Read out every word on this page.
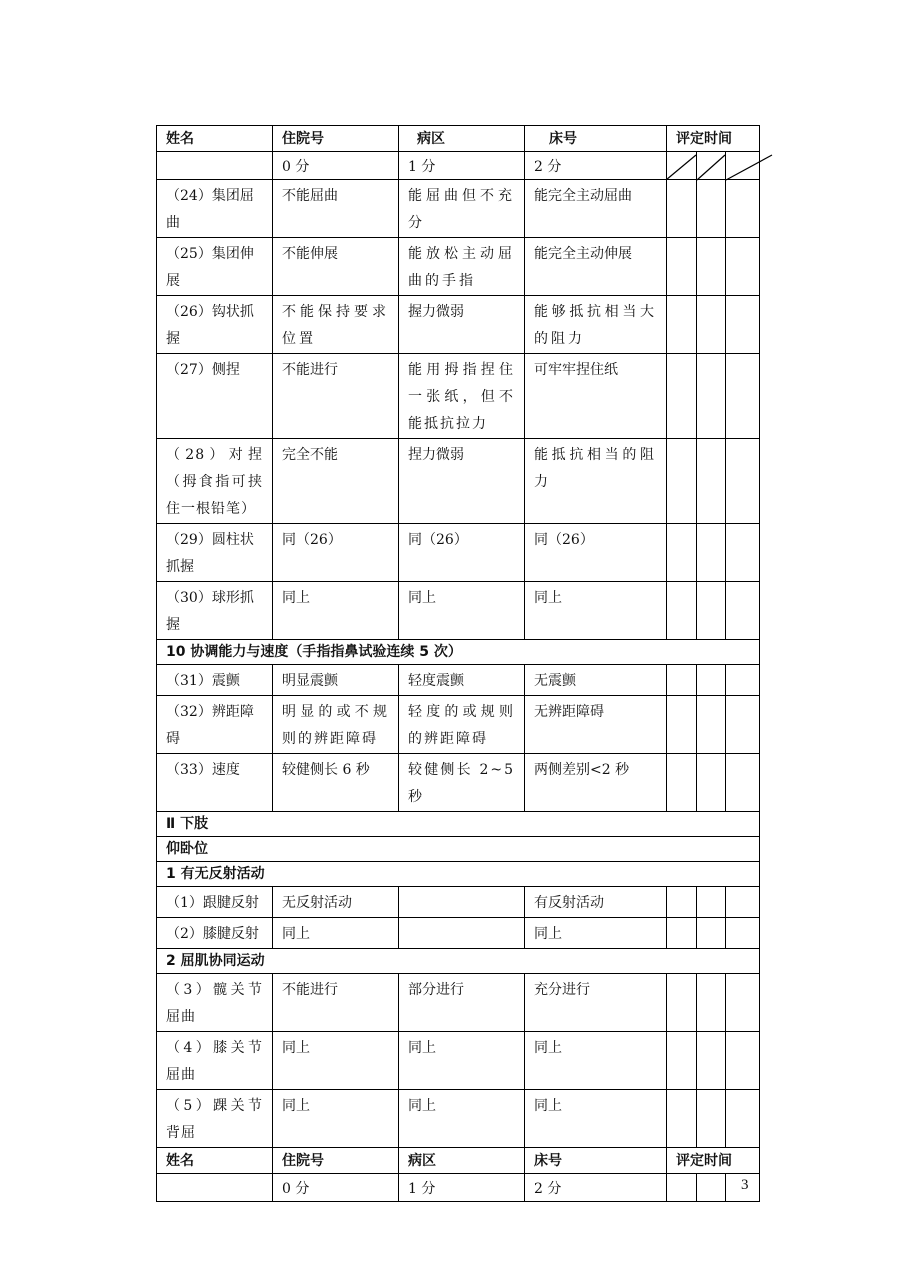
姓名	住院号	病区	床号	评定时间		
	0 分	1 分	2 分			
（24）集团屈曲	不能屈曲	能屈曲但不充分	能完全主动屈曲			
（25）集团伸展	不能伸展	能放松主动屈曲的手指	能完全主动伸展			
（26）钩状抓握	不能保持要求位置	握力微弱	能够抵抗相当大的阻力			
（27）侧捏	不能进行	能用拇指捏住一张纸，但不能抵抗拉力	可牢牢捏住纸			
（28）对捏（拇食指可挟住一根铅笔）	完全不能	捏力微弱	能抵抗相当的阻力			
（29）圆柱状抓握	同（26）	同（26）	同（26）			
（30）球形抓握	同上	同上	同上			
10 协调能力与速度（手指指鼻试验连续 5 次）						
（31）震颤	明显震颤	轻度震颤	无震颤			
（32）辨距障碍	明显的或不规则的辨距障碍	轻度的或规则的辨距障碍	无辨距障碍			
（33）速度	较健侧长 6 秒	较健侧长 2~5 秒	两侧差别<2 秒			
Ⅱ 下肢						
仰卧位						
1 有无反射活动						
（1）跟腱反射	无反射活动		有反射活动			
（2）膝腱反射	同上		同上			
2 屈肌协同运动						
（3）髋关节屈曲	不能进行	部分进行	充分进行			
（4）膝关节屈曲	同上	同上	同上			
（5）踝关节背屈	同上	同上	同上			
姓名	住院号	病区	床号	评定时间		
	0 分	1 分	2 分				3
